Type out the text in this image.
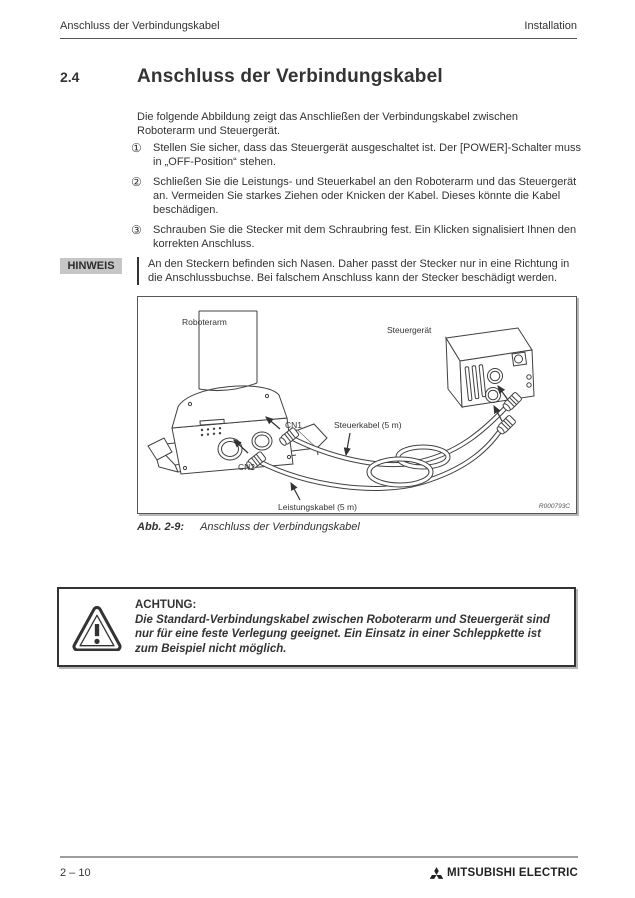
Anschluss der Verbindungskabel	Installation
2.4	Anschluss der Verbindungskabel
Die folgende Abbildung zeigt das Anschließen der Verbindungskabel zwischen Roboterarm und Steuergerät.
①	Stellen Sie sicher, dass das Steuergerät ausgeschaltet ist. Der [POWER]-Schalter muss in „OFF-Position“ stehen.
②	Schließen Sie die Leistungs- und Steuerkabel an den Roboterarm und das Steuergerät an. Vermeiden Sie starkes Ziehen oder Knicken der Kabel. Dieses könnte die Kabel beschädigen.
③	Schrauben Sie die Stecker mit dem Schraubring fest. Ein Klicken signalisiert Ihnen den korrekten Anschluss.
HINWEIS	An den Steckern befinden sich Nasen. Daher passt der Stecker nur in eine Richtung in die Anschlussbuchse. Bei falschem Anschluss kann der Stecker beschädigt werden.
Roboterarm
Steuergerät
CN1
CN2
Steuerkabel (5 m)
Leistungskabel (5 m)	R000793C
Abb. 2-9: Anschluss der Verbindungskabel
ACHTUNG:
Die Standard-Verbindungskabel zwischen Roboterarm und Steuergerät sind nur für eine feste Verlegung geeignet. Ein Einsatz in einer Schleppkette ist zum Beispiel nicht möglich.
2 – 10	MITSUBISHI ELECTRIC
